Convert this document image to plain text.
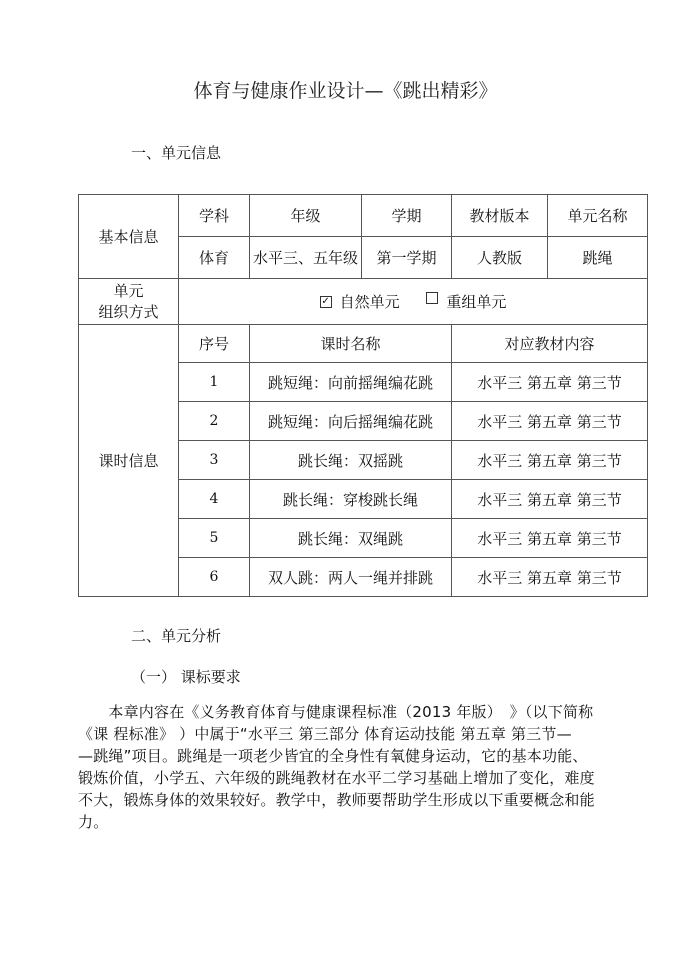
体育与健康作业设计—《跳出精彩》
一、单元信息
基本信息	学科	年级	学期	教材版本	单元名称
	体育	水平三、五年级	第一学期	人教版	跳绳

单元
组织方式	✓ 自然单元 重组单元				
课时信息	序号	课时名称		对应教材内容	
	1	跳短绳：向前摇绳编花跳		水平三 第五章 第三节	
	2	跳短绳：向后摇绳编花跳		水平三 第五章 第三节	
	3	跳长绳：双摇跳		水平三 第五章 第三节	
	4	跳长绳：穿梭跳长绳		水平三 第五章 第三节	
	5	跳长绳：双绳跳		水平三 第五章 第三节	
	6	双人跳：两人一绳并排跳		水平三 第五章 第三节	
二、单元分析
（一） 课标要求
　　本章内容在《义务教育体育与健康课程标准（2013 年版）　》（以下简称
《课 程标准》 ）中属于“水平三 第三部分 体育运动技能 第五章 第三节—
—跳绳”项目。跳绳是一项老少皆宜的全身性有氧健身运动，它的基本功能、
锻炼价值，小学五、六年级的跳绳教材在水平二学习基础上增加了变化，难度
不大，锻炼身体的效果较好。教学中，教师要帮助学生形成以下重要概念和能
力。
